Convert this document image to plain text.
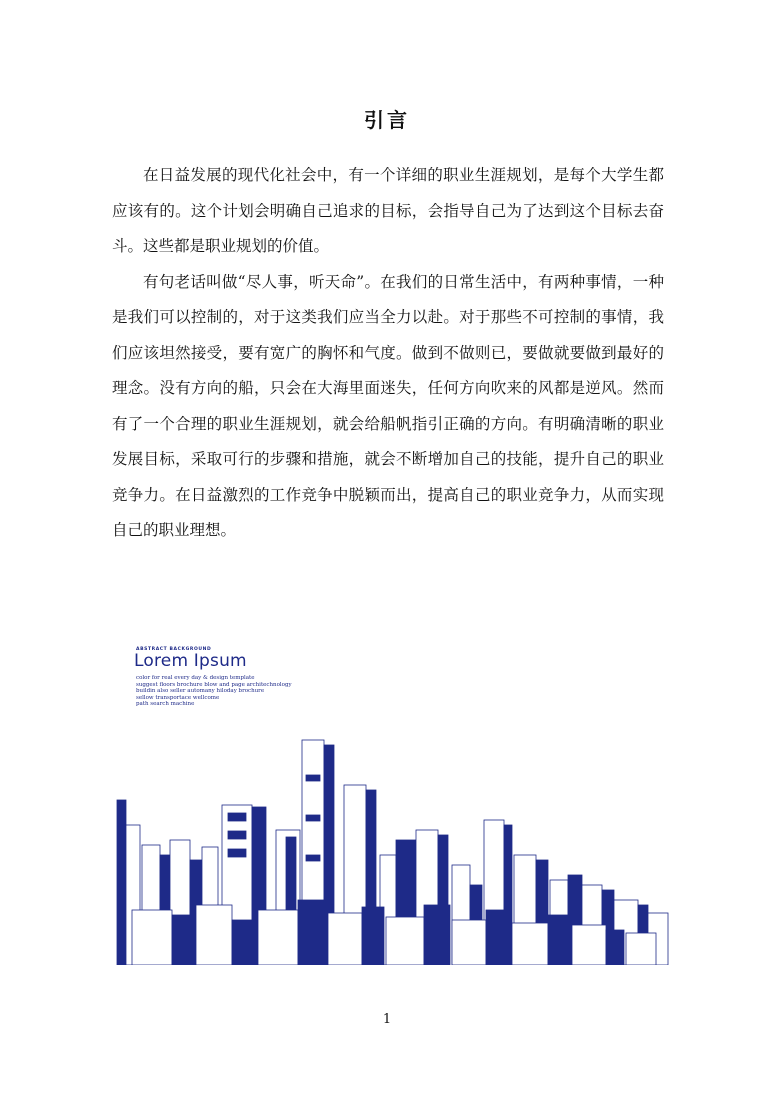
引言

在日益发展的现代化社会中，有一个详细的职业生涯规划，是每个大学生都应该有的。这个计划会明确自己追求的目标，会指导自己为了达到这个目标去奋斗。这些都是职业规划的价值。

有句老话叫做“尽人事，听天命”。在我们的日常生活中，有两种事情，一种是我们可以控制的，对于这类我们应当全力以赴。对于那些不可控制的事情，我们应该坦然接受，要有宽广的胸怀和气度。做到不做则已，要做就要做到最好的理念。没有方向的船，只会在大海里面迷失，任何方向吹来的风都是逆风。然而有了一个合理的职业生涯规划，就会给船帆指引正确的方向。有明确清晰的职业发展目标，采取可行的步骤和措施，就会不断增加自己的技能，提升自己的职业竞争力。在日益激烈的工作竞争中脱颖而出，提高自己的职业竞争力，从而实现自己的职业理想。

ABSTRACT BACKGROUND
Lorem Ipsum
color for real every day & design template
suggest floors brochure blow and page architechnology
buildin also seller automany hiloday brochure
sellow transportace wellcome
path search machine
1
